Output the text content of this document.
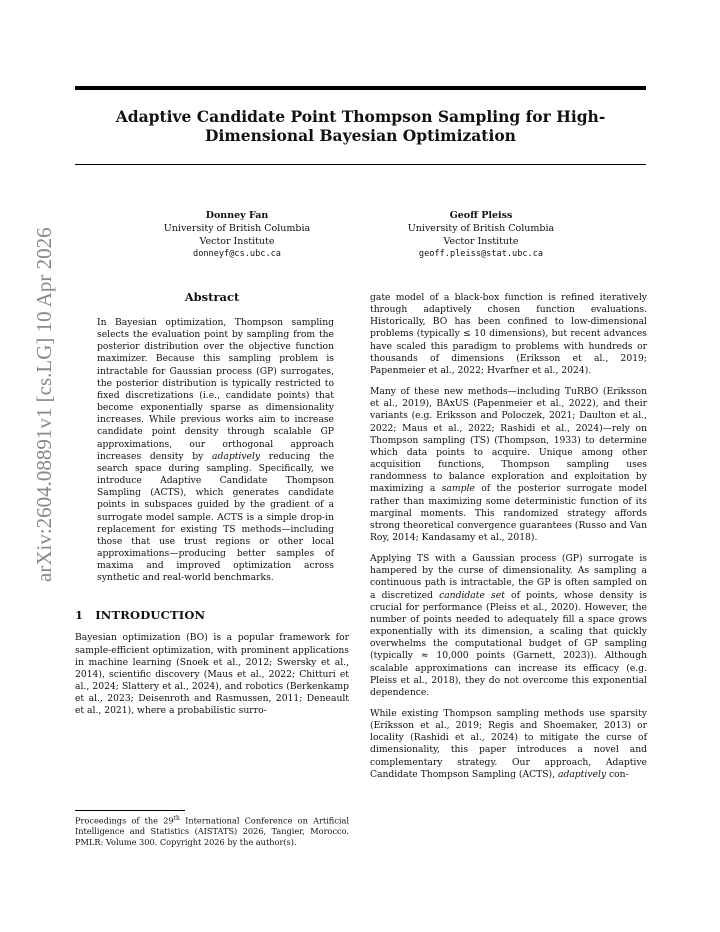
arXiv:2604.08891v1 [cs.LG] 10 Apr 2026
Adaptive Candidate Point Thompson Sampling for High-Dimensional Bayesian Optimization
Donney Fan
University of British Columbia
Vector Institute
donneyf@cs.ubc.ca
Geoff Pleiss
University of British Columbia
Vector Institute
geoff.pleiss@stat.ubc.ca
Abstract
In Bayesian optimization, Thompson sampling selects the evaluation point by sampling from the posterior distribution over the objective function maximizer. Because this sampling problem is intractable for Gaussian process (GP) surrogates, the posterior distribution is typically restricted to fixed discretizations (i.e., candidate points) that become exponentially sparse as dimensionality increases. While previous works aim to increase candidate point density through scalable GP approximations, our orthogonal approach increases density by adaptively reducing the search space during sampling. Specifically, we introduce Adaptive Candidate Thompson Sampling (ACTS), which generates candidate points in subspaces guided by the gradient of a surrogate model sample. ACTS is a simple drop-in replacement for existing TS methods—including those that use trust regions or other local approximations—producing better samples of maxima and improved optimization across synthetic and real-world benchmarks.
1 INTRODUCTION

Bayesian optimization (BO) is a popular framework for sample-efficient optimization, with prominent applications in machine learning (Snoek et al., 2012; Swersky et al., 2014), scientific discovery (Maus et al., 2022; Chitturi et al., 2024; Slattery et al., 2024), and robotics (Berkenkamp et al., 2023; Deisenroth and Rasmussen, 2011; Deneault et al., 2021), where a probabilistic surro-

gate model of a black-box function is refined iteratively through adaptively chosen function evaluations. Historically, BO has been confined to low-dimensional problems (typically ≤ 10 dimensions), but recent advances have scaled this paradigm to problems with hundreds or thousands of dimensions (Eriksson et al., 2019; Papenmeier et al., 2022; Hvarfner et al., 2024).

Many of these new methods—including TuRBO (Eriksson et al., 2019), BAxUS (Papenmeier et al., 2022), and their variants (e.g. Eriksson and Poloczek, 2021; Daulton et al., 2022; Maus et al., 2022; Rashidi et al., 2024)—rely on Thompson sampling (TS) (Thompson, 1933) to determine which data points to acquire. Unique among other acquisition functions, Thompson sampling uses randomness to balance exploration and exploitation by maximizing a sample of the posterior surrogate model rather than maximizing some deterministic function of its marginal moments. This randomized strategy affords strong theoretical convergence guarantees (Russo and Van Roy, 2014; Kandasamy et al., 2018).

Applying TS with a Gaussian process (GP) surrogate is hampered by the curse of dimensionality. As sampling a continuous path is intractable, the GP is often sampled on a discretized candidate set of points, whose density is crucial for performance (Pleiss et al., 2020). However, the number of points needed to adequately fill a space grows exponentially with its dimension, a scaling that quickly overwhelms the computational budget of GP sampling (typically ≈ 10,000 points (Garnett, 2023)). Although scalable approximations can increase its efficacy (e.g. Pleiss et al., 2018), they do not overcome this exponential dependence.

While existing Thompson sampling methods use sparsity (Eriksson et al., 2019; Regis and Shoemaker, 2013) or locality (Rashidi et al., 2024) to mitigate the curse of dimensionality, this paper introduces a novel and complementary strategy. Our approach, Adaptive Candidate Thompson Sampling (ACTS), adaptively con-

Proceedings of the 29th International Conference on Artificial Intelligence and Statistics (AISTATS) 2026, Tangier, Morocco. PMLR: Volume 300. Copyright 2026 by the author(s).
